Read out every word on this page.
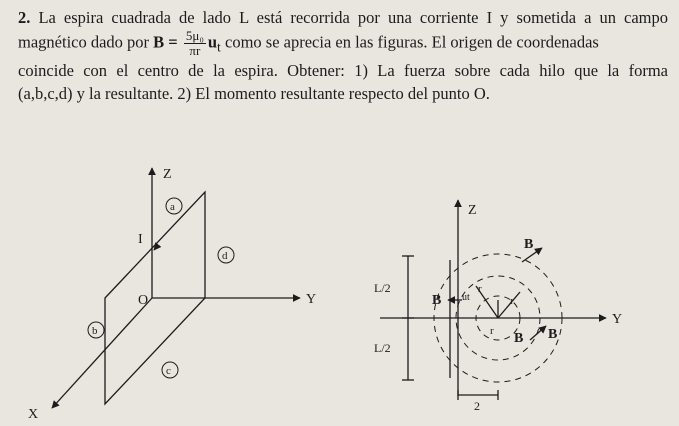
2. La espira cuadrada de lado L está recorrida por una corriente I y sometida a un campo
magnético dado por $B = \frac{\text{5μ₀}}{\pi r} u_t$ como se aprecia en las figuras. El origen de coordenadas
coincide con el centro de la espira. Obtener: 1) La fuerza sobre cada hilo que la forma
(a,b,c,d) y la resultante. 2) El momento resultante respecto del punto O.
Z
Y
X
O
I
a
b
c
d
Z
Y
L/2
L/2
B
B
B B
ut
r
r
r
2
